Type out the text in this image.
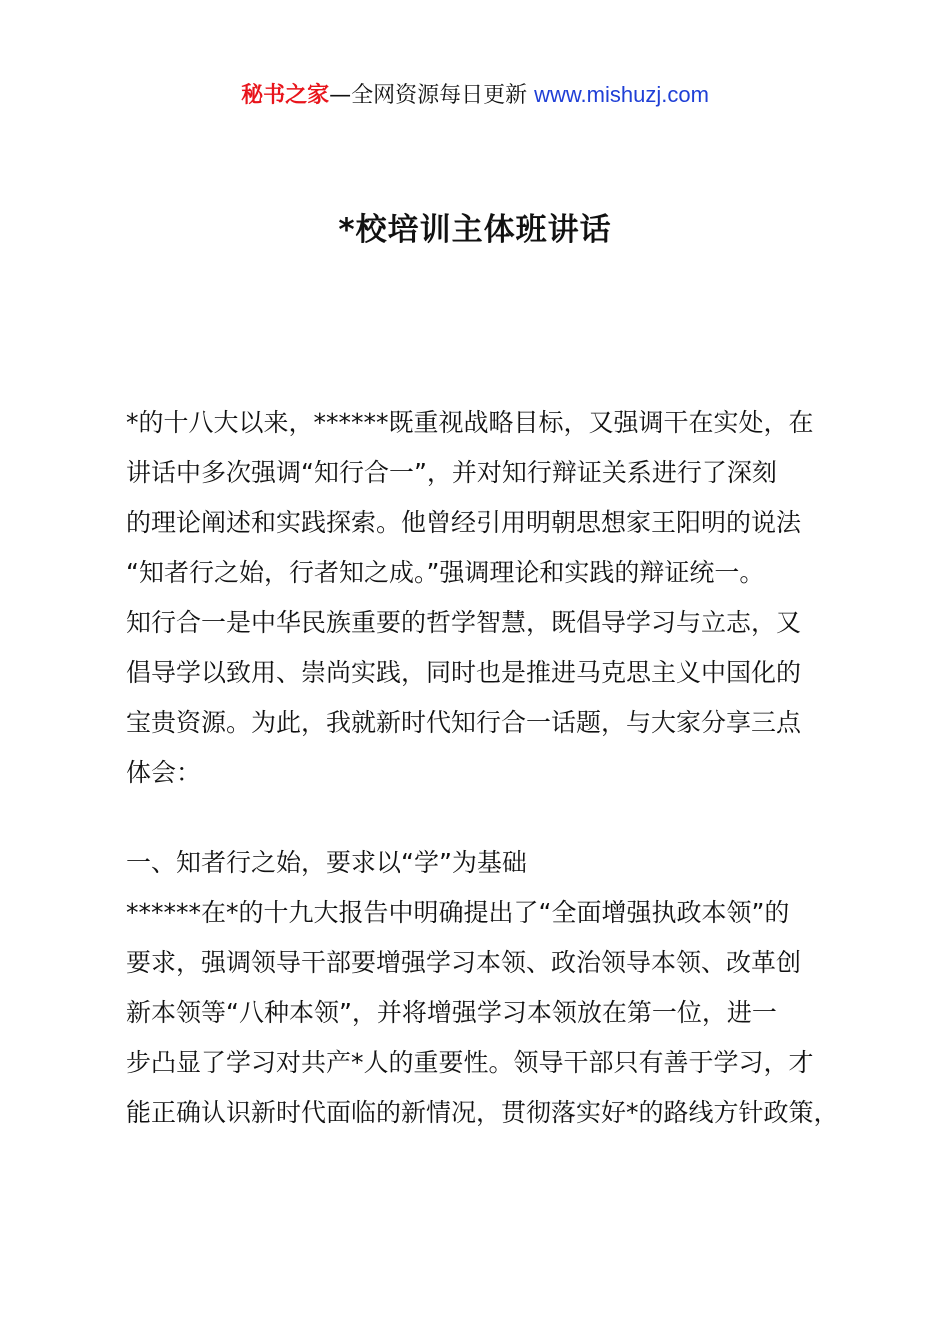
秘书之家—全网资源每日更新 www.mishuzj.com
*校培训主体班讲话
*的十八大以来，******既重视战略目标，又强调干在实处，在
讲话中多次强调“知行合一”，并对知行辩证关系进行了深刻
的理论阐述和实践探索。他曾经引用明朝思想家王阳明的说法
“知者行之始，行者知之成。”强调理论和实践的辩证统一。
知行合一是中华民族重要的哲学智慧，既倡导学习与立志，又
倡导学以致用、崇尚实践，同时也是推进马克思主义中国化的
宝贵资源。为此，我就新时代知行合一话题，与大家分享三点
体会：
一、知者行之始，要求以“学”为基础
******在*的十九大报告中明确提出了“全面增强执政本领”的
要求，强调领导干部要增强学习本领、政治领导本领、改革创
新本领等“八种本领”，并将增强学习本领放在第一位，进一
步凸显了学习对共产*人的重要性。领导干部只有善于学习，才
能正确认识新时代面临的新情况，贯彻落实好*的路线方针政策，
